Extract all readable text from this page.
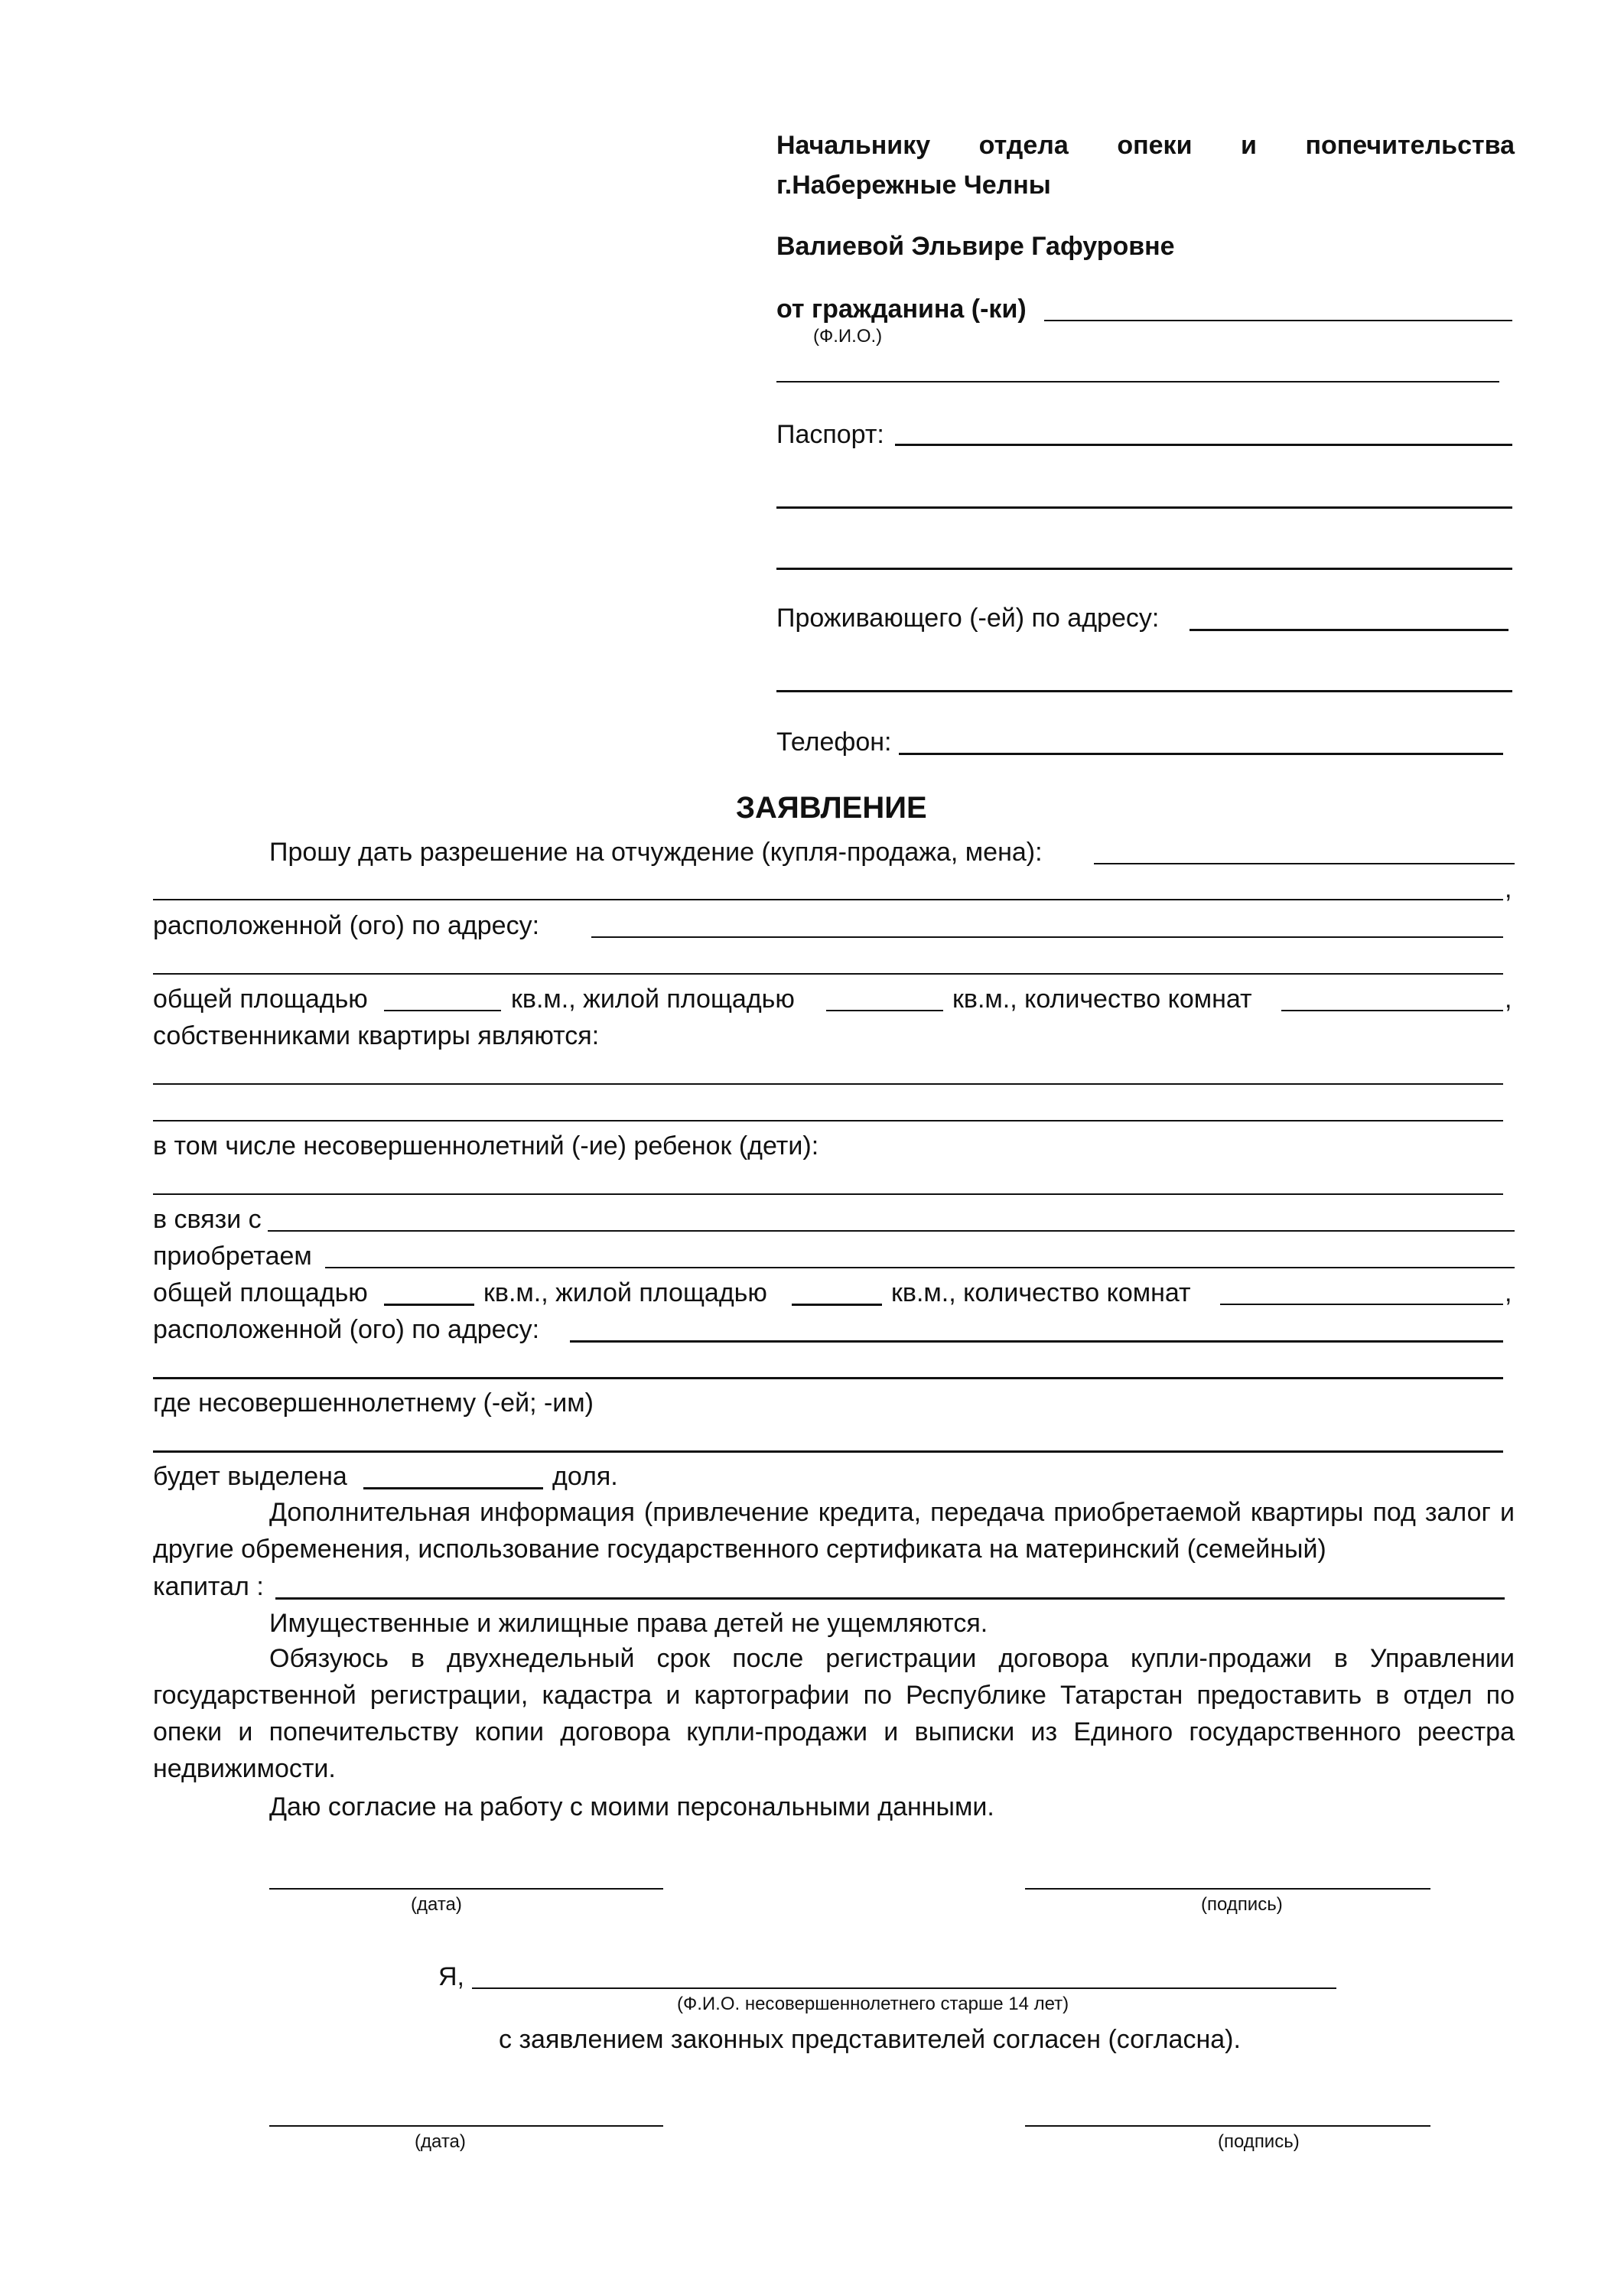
Начальнику отдела опеки и попечительства
г.Набережные Челны
Валиевой Эльвире Гафуровне
от гражданина (-ки)
(Ф.И.О.)
Паспорт:
Проживающего (-ей) по адресу:
Телефон:
ЗАЯВЛЕНИЕ
Прошу дать разрешение на отчуждение (купля-продажа, мена):
,
расположенной (ого) по адресу:
общей площадью	кв.м., жилой площадью	кв.м., количество комнат	,
собственниками квартиры являются:
в том числе несовершеннолетний (-ие) ребенок (дети):
в связи с
приобретаем
общей площадью	кв.м., жилой площадью	кв.м., количество комнат	,
расположенной (ого) по адресу:
где несовершеннолетнему (-ей; -им)
будет выделена	доля.
Дополнительная информация (привлечение кредита, передача приобретаемой квартиры под залог и другие обременения, использование государственного сертификата на материнский (семейный)
капитал :
Имущественные и жилищные права детей не ущемляются.
Обязуюсь в двухнедельный срок после регистрации договора купли-продажи в Управлении государственной регистрации, кадастра и картографии по Республике Татарстан предоставить в отдел по опеки и попечительству копии договора купли-продажи и выписки из Единого государственного реестра недвижимости.
Даю согласие на работу с моими персональными данными.
(дата)	(подпись)
Я,
(Ф.И.О. несовершеннолетнего старше 14 лет)
с заявлением законных представителей согласен (согласна).
(дата)	(подпись)
